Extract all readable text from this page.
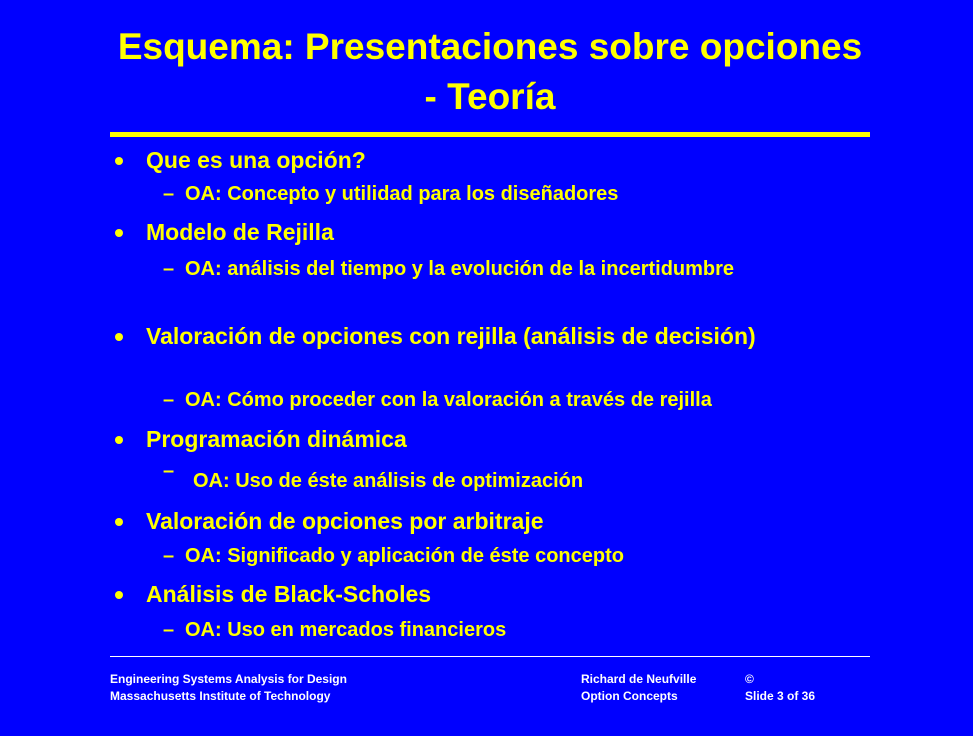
Esquema: Presentaciones sobre opciones - Teoría
Que es una opción?
– OA: Concepto y utilidad para los diseñadores
Modelo de Rejilla
– OA: análisis del tiempo y la evolución de la incertidumbre
Valoración de opciones con rejilla (análisis de decisión)
– OA: Cómo proceder con la valoración a través de rejilla
Programación dinámica
– OA: Uso de éste análisis de optimización
Valoración de opciones por arbitraje
– OA: Significado y aplicación de éste concepto
Análisis de Black-Scholes
– OA: Uso en mercados financieros
Engineering Systems Analysis for Design
Massachusetts Institute of Technology
Richard de Neufville
Option Concepts
©
Slide 3 of 36
